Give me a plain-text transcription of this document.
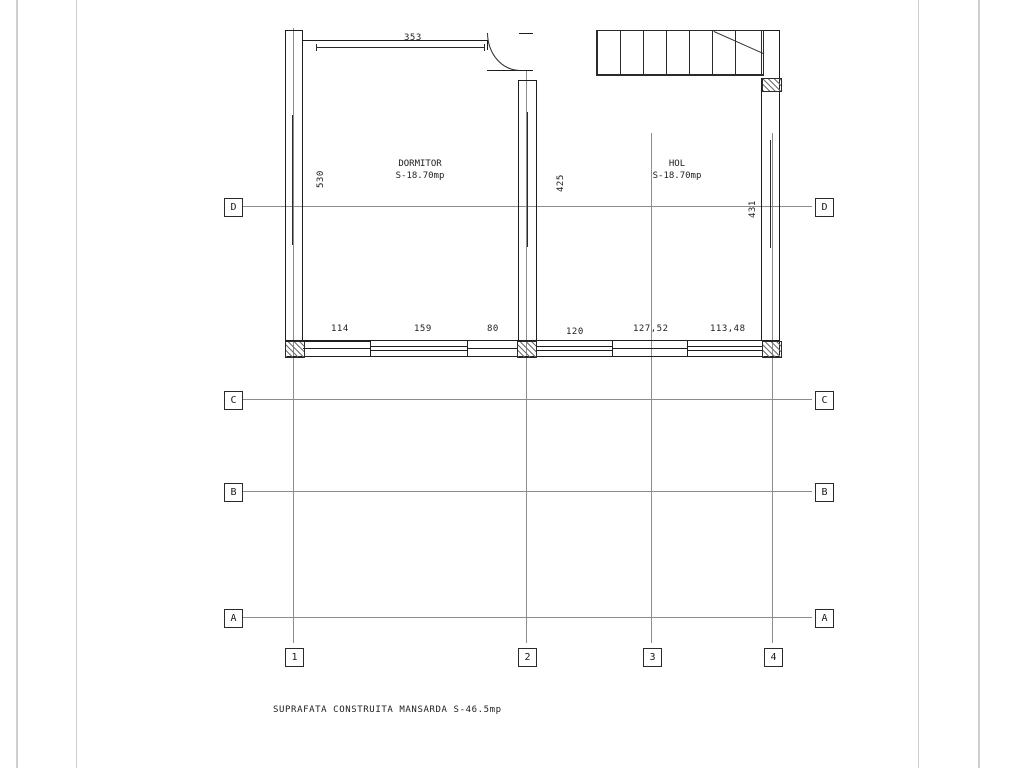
DORMITOR
S-18.70mp
HOL
S-18.70mp
353
530	425
431
114	159	80	120	127,52	113,48
D
C
B
A
D
C
B
A
1	2	3	4
SUPRAFATA CONSTRUITA MANSARDA S-46.5mp
